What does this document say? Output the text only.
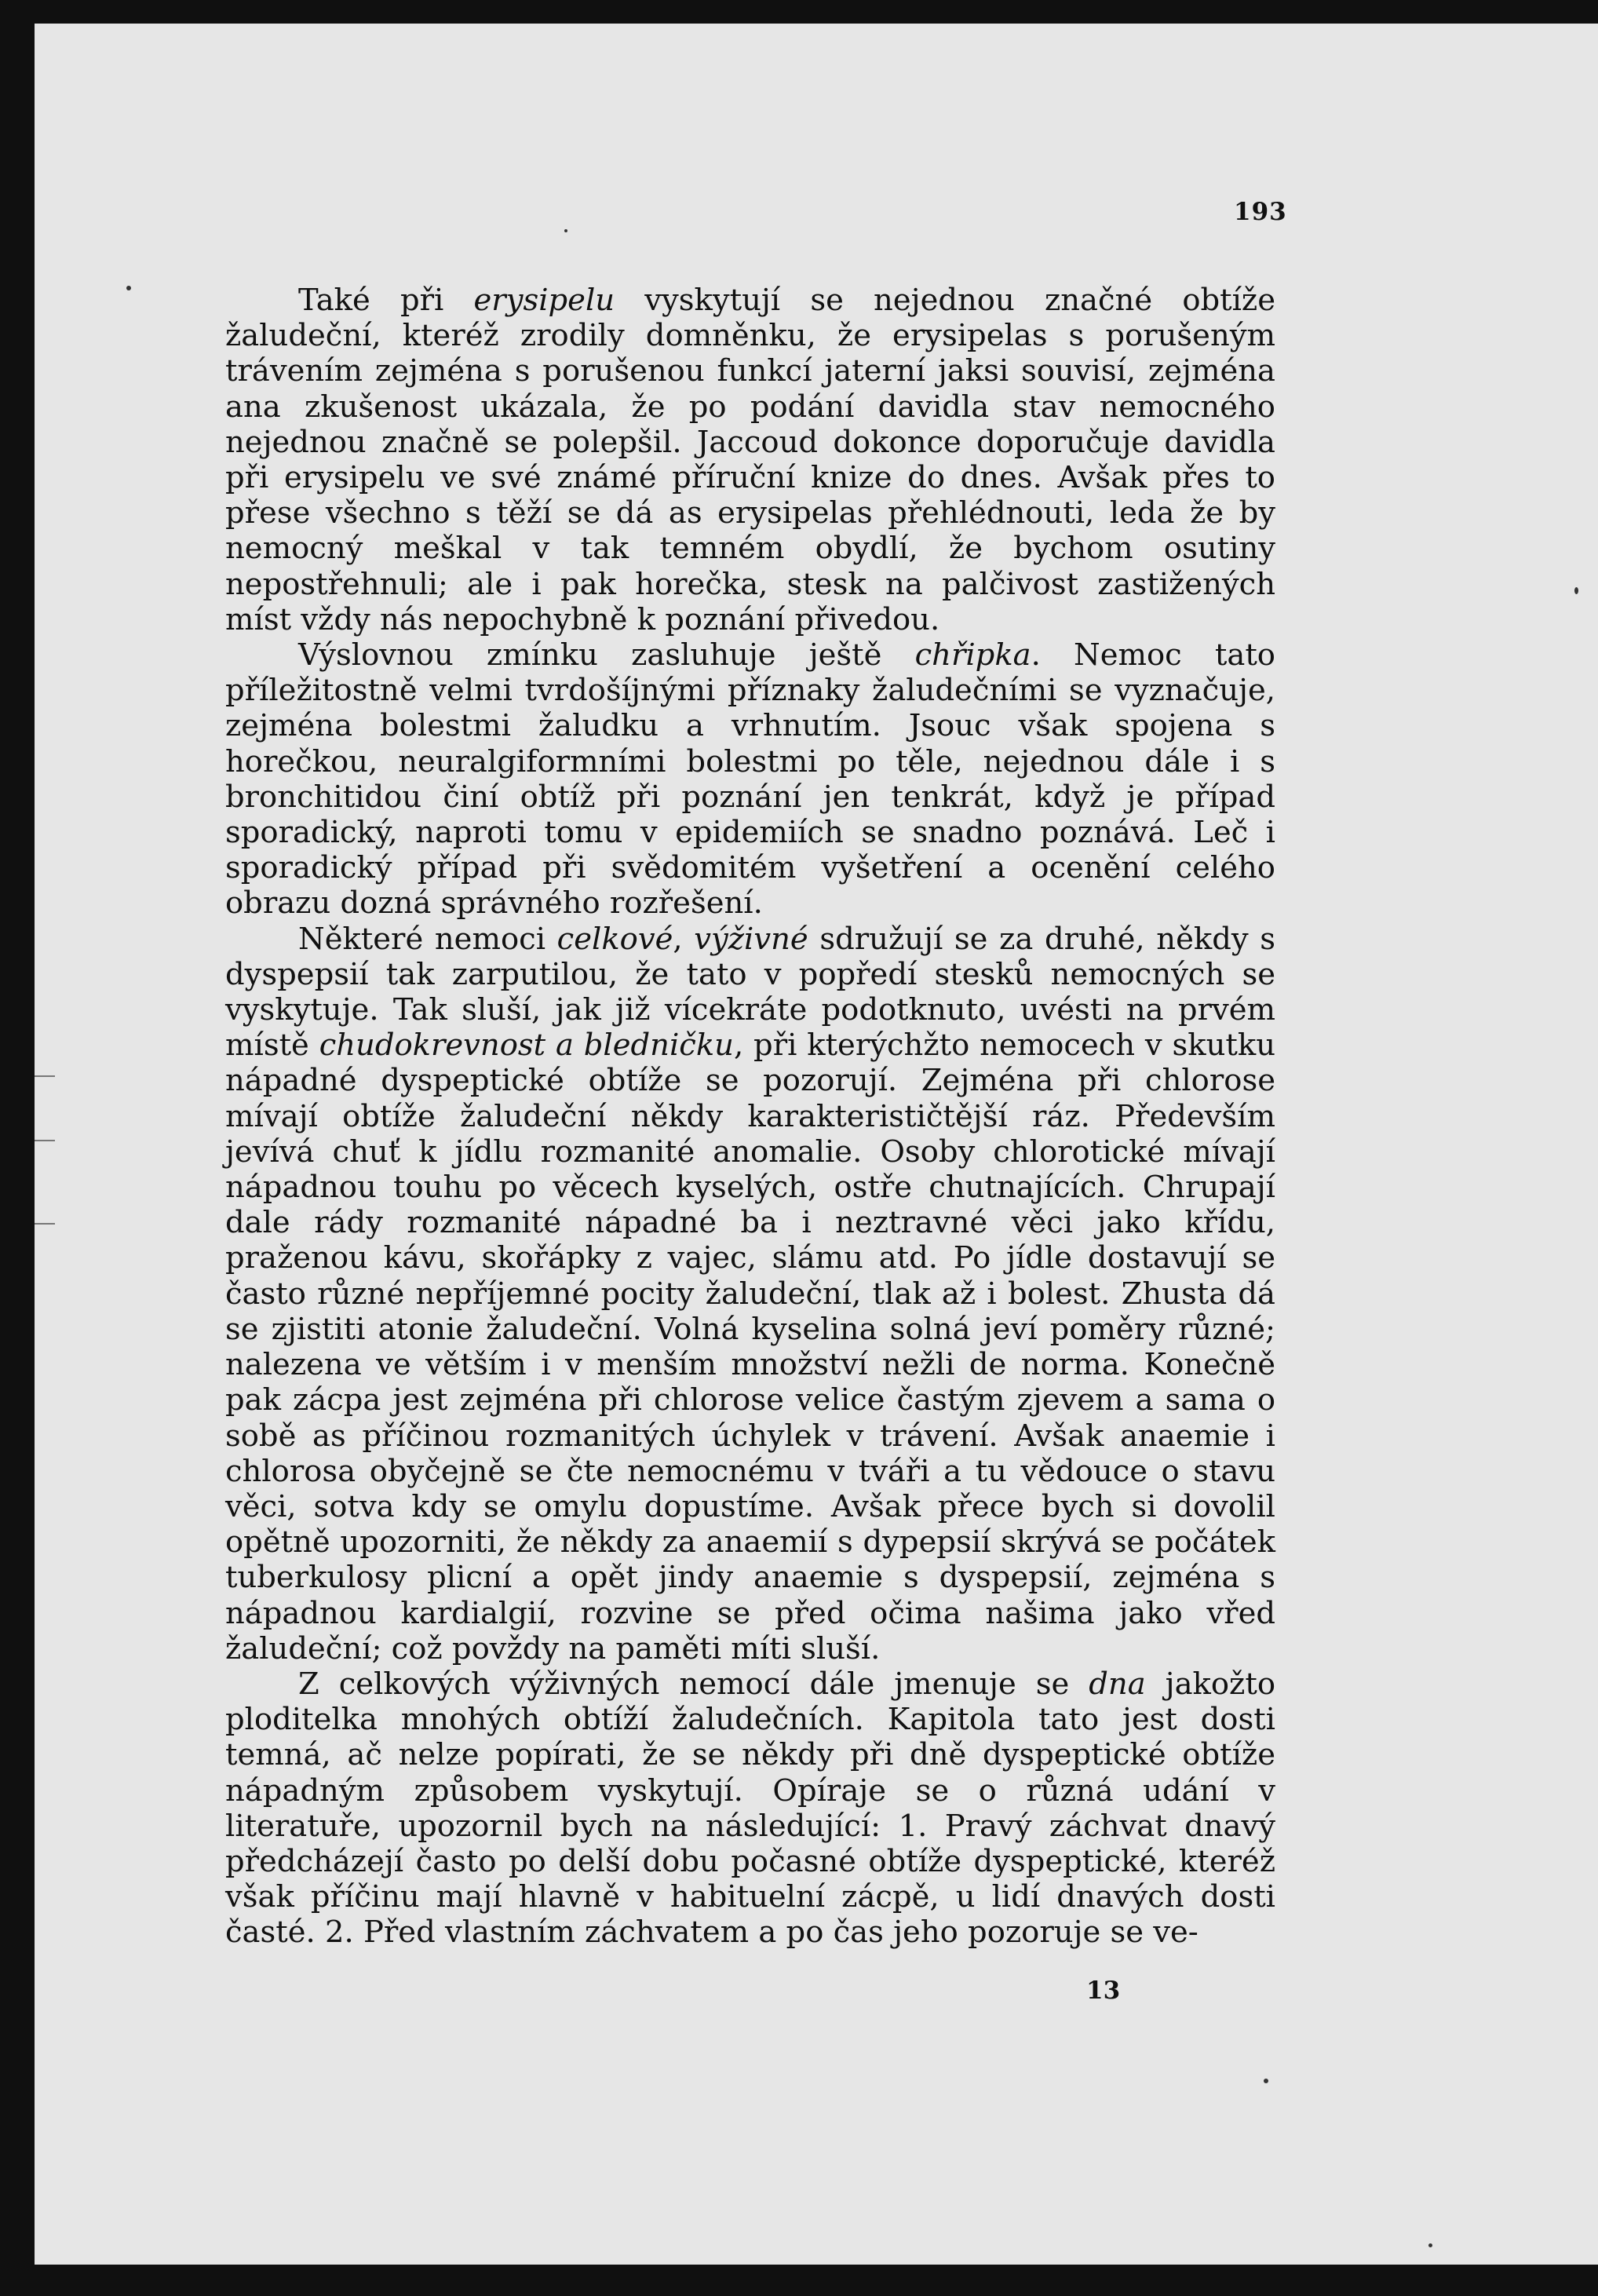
193

Také při erysipelu vyskytují se nejednou značné obtíže žaludeční, kteréž zrodily domněnku, že erysipelas s porušeným trávením zejména s porušenou funkcí jaterní jaksi souvisí, zejména ana zkušenost ukázala, že po podání davidla stav nemocného nejednou značně se polepšil. Jaccoud dokonce doporučuje davidla při erysipelu ve své známé příruční knize do dnes. Avšak přes to přese všechno s těží se dá as erysipelas přehlédnouti, leda že by nemocný meškal v tak temném obydlí, že bychom osutiny nepostřehnuli; ale i pak horečka, stesk na palčivost zastižených míst vždy nás nepochybně k poznání přivedou.

Výslovnou zmínku zasluhuje ještě chřipka. Nemoc tato příležitostně velmi tvrdošíjnými příznaky žaludečními se vyznačuje, zejména bolestmi žaludku a vrhnutím. Jsouc však spojena s horečkou, neuralgiformními bolestmi po těle, nejednou dále i s bronchitidou činí obtíž při poznání jen tenkrát, když je případ sporadický, naproti tomu v epidemiích se snadno poznává. Leč i sporadický případ při svědomitém vyšetření a ocenění celého obrazu dozná správného rozřešení.

Některé nemoci celkové, výživné sdružují se za druhé, někdy s dyspepsií tak zarputilou, že tato v popředí stesků nemocných se vyskytuje. Tak sluší, jak již vícekráte podotknuto, uvésti na prvém místě chudokrevnost a bledničku, při kterýchžto nemocech v skutku nápadné dyspeptické obtíže se pozorují. Zejména při chlorose mívají obtíže žaludeční někdy karakterističtější ráz. Především jevívá chuť k jídlu rozmanité anomalie. Osoby chlorotické mívají nápadnou touhu po věcech kyselých, ostře chutnajících. Chrupají dale rády rozmanité nápadné ba i neztravné věci jako křídu, praženou kávu, skořápky z vajec, slámu atd. Po jídle dostavují se často různé nepříjemné pocity žaludeční, tlak až i bolest. Zhusta dá se zjistiti atonie žaludeční. Volná kyselina solná jeví poměry různé; nalezena ve větším i v menším množství nežli de norma. Konečně pak zácpa jest zejména při chlorose velice častým zjevem a sama o sobě as příčinou rozmanitých úchylek v trávení. Avšak anaemie i chlorosa obyčejně se čte nemocnému v tváři a tu vědouce o stavu věci, sotva kdy se omylu dopustíme. Avšak přece bych si dovolil opětně upozorniti, že někdy za anaemií s dypepsií skrývá se počátek tuberkulosy plicní a opět jindy anaemie s dyspepsií, zejména s nápadnou kardialgií, rozvine se před očima našima jako vřed žaludeční; což povždy na paměti míti sluší.

Z celkových výživných nemocí dále jmenuje se dna jakožto ploditelka mnohých obtíží žaludečních. Kapitola tato jest dosti temná, ač nelze popírati, že se někdy při dně dyspeptické obtíže nápadným způsobem vyskytují. Opíraje se o různá udání v literatuře, upozornil bych na následující: 1. Pravý záchvat dnavý předcházejí často po delší dobu počasné obtíže dyspeptické, kteréž však příčinu mají hlavně v habituelní zácpě, u lidí dnavých dosti časté. 2. Před vlastním záchvatem a po čas jeho pozoruje se ve-

13
